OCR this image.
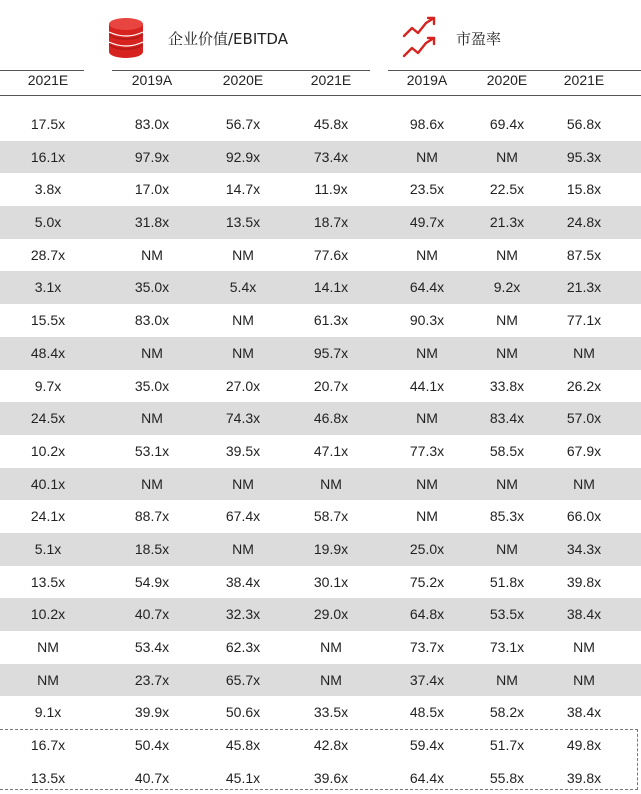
企业价值/EBITDA	市盈率
2021E	2019A	2020E	2021E	2019A	2020E	2021E
17.5x	83.0x	56.7x	45.8x	98.6x	69.4x	56.8x
16.1x	97.9x	92.9x	73.4x	NM	NM	95.3x
3.8x	17.0x	14.7x	11.9x	23.5x	22.5x	15.8x
5.0x	31.8x	13.5x	18.7x	49.7x	21.3x	24.8x
28.7x	NM	NM	77.6x	NM	NM	87.5x
3.1x	35.0x	5.4x	14.1x	64.4x	9.2x	21.3x
15.5x	83.0x	NM	61.3x	90.3x	NM	77.1x
48.4x	NM	NM	95.7x	NM	NM	NM
9.7x	35.0x	27.0x	20.7x	44.1x	33.8x	26.2x
24.5x	NM	74.3x	46.8x	NM	83.4x	57.0x
10.2x	53.1x	39.5x	47.1x	77.3x	58.5x	67.9x
40.1x	NM	NM	NM	NM	NM	NM
24.1x	88.7x	67.4x	58.7x	NM	85.3x	66.0x
5.1x	18.5x	NM	19.9x	25.0x	NM	34.3x
13.5x	54.9x	38.4x	30.1x	75.2x	51.8x	39.8x
10.2x	40.7x	32.3x	29.0x	64.8x	53.5x	38.4x
NM	53.4x	62.3x	NM	73.7x	73.1x	NM
NM	23.7x	65.7x	NM	37.4x	NM	NM
9.1x	39.9x	50.6x	33.5x	48.5x	58.2x	38.4x
16.7x	50.4x	45.8x	42.8x	59.4x	51.7x	49.8x
13.5x	40.7x	45.1x	39.6x	64.4x	55.8x	39.8x
